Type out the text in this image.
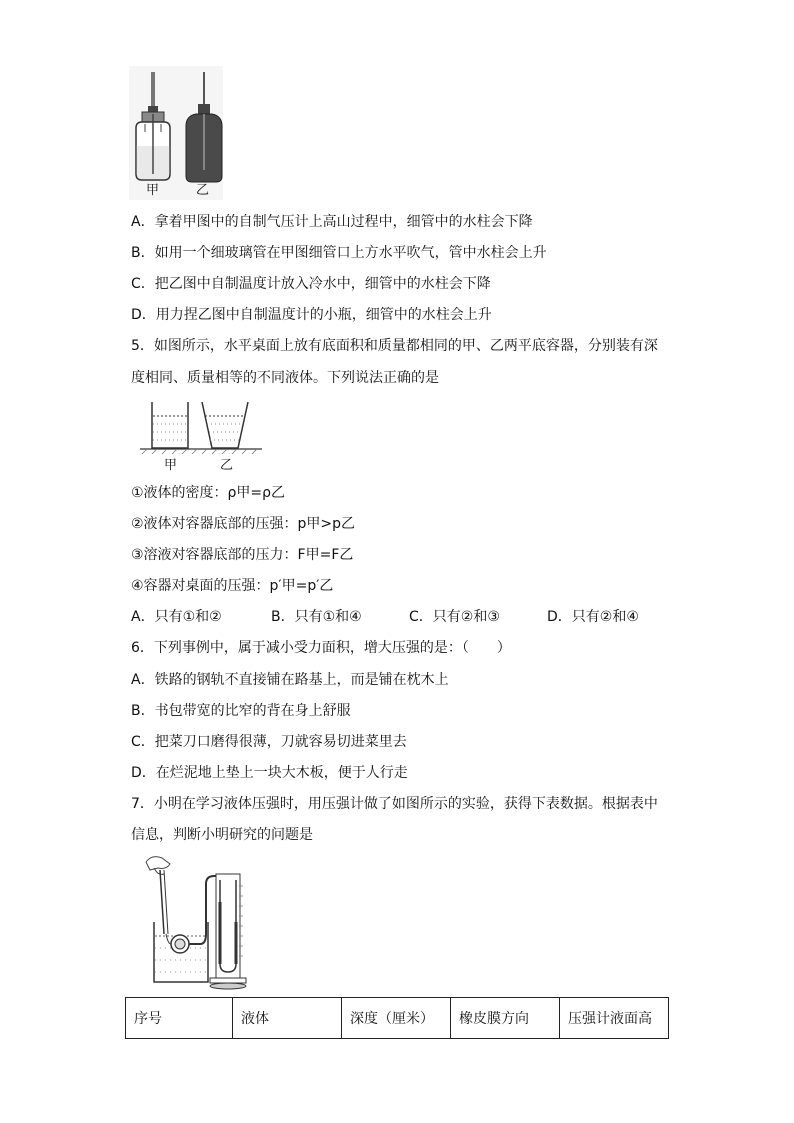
甲	乙
A．拿着甲图中的自制气压计上高山过程中，细管中的水柱会下降
B．如用一个细玻璃管在甲图细管口上方水平吹气，管中水柱会上升
C．把乙图中自制温度计放入冷水中，细管中的水柱会下降
D．用力捏乙图中自制温度计的小瓶，细管中的水柱会上升
5．如图所示，水平桌面上放有底面积和质量都相同的甲、乙两平底容器，分别装有深
度相同、质量相等的不同液体。下列说法正确的是
甲	乙
①液体的密度：ρ甲=ρ乙
②液体对容器底部的压强：p甲>p乙
③溶液对容器底部的压力：F甲=F乙
④容器对桌面的压强：p′甲=p′乙
A．只有①和②	B．只有①和④	C．只有②和③	D．只有②和④
6．下列事例中，属于减小受力面积，增大压强的是：（　　）
A．铁路的钢轨不直接铺在路基上，而是铺在枕木上
B．书包带宽的比窄的背在身上舒服
C．把菜刀口磨得很薄，刀就容易切进菜里去
D．在烂泥地上垫上一块大木板，便于人行走
7．小明在学习液体压强时，用压强计做了如图所示的实验，获得下表数据。根据表中
信息，判断小明研究的问题是
序号	液体	深度（厘米）	橡皮膜方向	压强计液面高
